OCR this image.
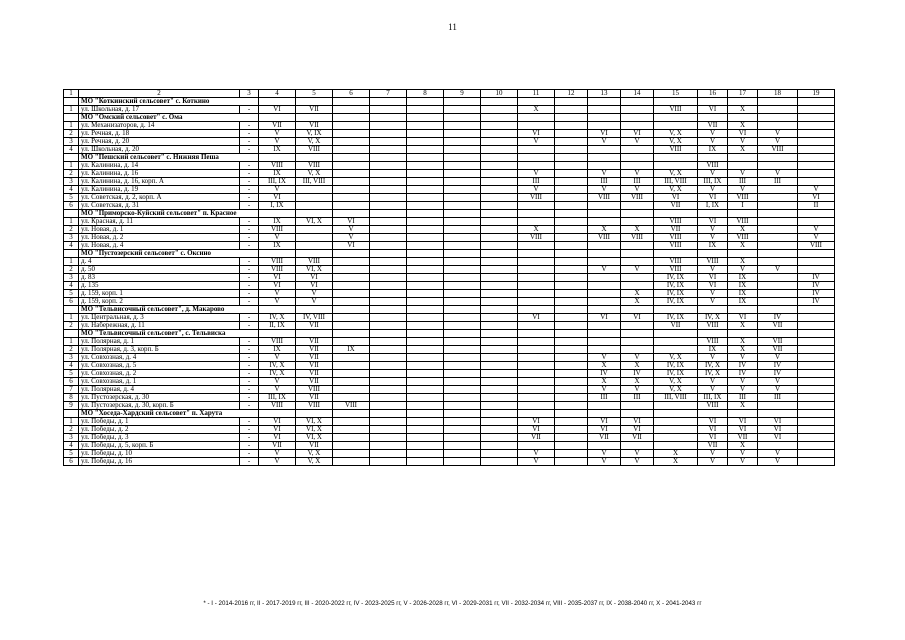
11
1	2	3	4	5	6	7	8	9	10	11	12	13	14	15	16	17	18	19
	МО "Коткинский сельсовет" с. Коткино																	
1	ул. Школьная, д. 17	-	VI	VII						X				VIII	VI	X		
	МО "Омский сельсовет" с. Ома																	
1	ул. Механизаторов, д. 14	-	VII	VII											VII	X		
2	ул. Речная, д. 18	-	V	V, IX						VI		VI	VI	V, X	V	VI	V	
3	ул. Речная, д. 20	-	V	V, X						V		V	V	V, X	V	V	V	
4	ул. Школьная, д. 20	-	IX	VIII										VIII	IX	X	VIII	
	МО "Пешский сельсовет" с. Нижняя Пеша																	
1	ул. Калинина, д. 14	-	VIII	VIII											VIII			
2	ул. Калинина, д. 16	-	IX	V, X						V		V	V	V, X	V	V	V	
3	ул. Калинина, д. 16, корп. А	-	III, IX	III, VIII						III		III	III	III, VIII	III, IX	III	III	
4	ул. Калинина, д. 19	-	V							V		V	V	V, X	V	V		V
5	ул. Советская, д. 2, корп. А	-	VI							VIII		VIII	VIII	VI	VI	VIII		VI
6	ул. Советская, д. 31	-	I, IX											VII	I, IX	I		II
	МО "Приморско-Куйский сельсовет" п. Красное																	
1	ул. Красная, д. 11	-	IX	VI, X	VI									VIII	VI	VIII		
2	ул. Новая, д. 1	-	VIII		V					X		X	X	VII	V	X		V
3	ул. Новая, д. 2	-	V		V					VIII		VIII	VIII	VIII	V	VIII		V
4	ул. Новая, д. 4	-	IX		VI									VIII	IX	X		VIII
	МО "Пустозерский сельсовет" с. Оксино																	
1	д. 4	-	VIII	VIII										VIII	VIII	X		
2	д. 50	-	VIII	VI, X								V	V	VIII	V	V	V	
3	д. 83	-	VI	VI										IV, IX	VI	IX		IV
4	д. 135	-	VI	VI										IV, IX	VI	IX		IV
5	д. 159, корп. 1	-	V	V									X	IV, IX	V	IX		IV
6	д. 159, корп. 2	-	V	V									X	IV, IX	V	IX		IV
	МО "Тельвисочный сельсовет", д. Макарово																	
1	ул. Центральная, д. 3	-	IV, X	IV, VIII						VI		VI	VI	IV, IX	IV, X	VI	IV	
2	ул. Набережная, д. 11	-	II, IX	VII										VII	VIII	X	VII	
	МО "Тельвисочный сельсовет", с. Тельвиска																	
1	ул. Полярная, д. 1	-	VIII	VII											VIII	X	VII	
2	ул. Полярная, д. 3, корп. Б	-	IX	VII	IX										IX	X	VII	
3	ул. Совхозная, д. 4	-	V	VII								V	V	V, X	V	V	V	
4	ул. Совхозная, д. 5	-	IV, X	VII								X	X	IV, IX	IV, X	IV	IV	
5	ул. Совхозная, д. 2	-	IV, X	VII								IV	IV	IV, IX	IV, X	IV	IV	
6	ул. Совхозная, д. 1	-	V	VII								X	X	V, X	V	V	V	
7	ул. Полярная, д. 4	-	V	VIII								V	V	V, X	V	V	V	
8	ул. Пустозерская, д. 30	-	III, IX	VII								III	III	III, VIII	III, IX	III	III	
9	ул. Пустозерская, д. 30, корп. Б	-	VIII	VIII	VIII										VIII	X		
	МО "Хоседа-Хардский сельсовет" п. Харута																	
1	ул. Победы, д. 1	-	VI	VI, X						VI		VI	VI		VI	VI	VI	
2	ул. Победы, д. 2	-	VI	VI, X						VI		VI	VI		VI	VI	VI	
3	ул. Победы, д. 3	-	VI	VI, X						VII		VII	VII		VI	VII	VI	
4	ул. Победы, д. 5, корп. Б	-	VII	VII											VII	X		
5	ул. Победы, д. 10	-	V	V, X						V		V	V	X	V	V	V	
6	ул. Победы, д. 16	-	V	V, X						V		V	V	X	V	V	V	
* - I - 2014-2016 гг, II - 2017-2019 гг, III - 2020-2022 гг, IV - 2023-2025 гг, V - 2026-2028 гг, VI - 2029-2031 гг, VII - 2032-2034 гг, VIII - 2035-2037 гг, IX - 2038-2040 гг, X - 2041-2043 гг
